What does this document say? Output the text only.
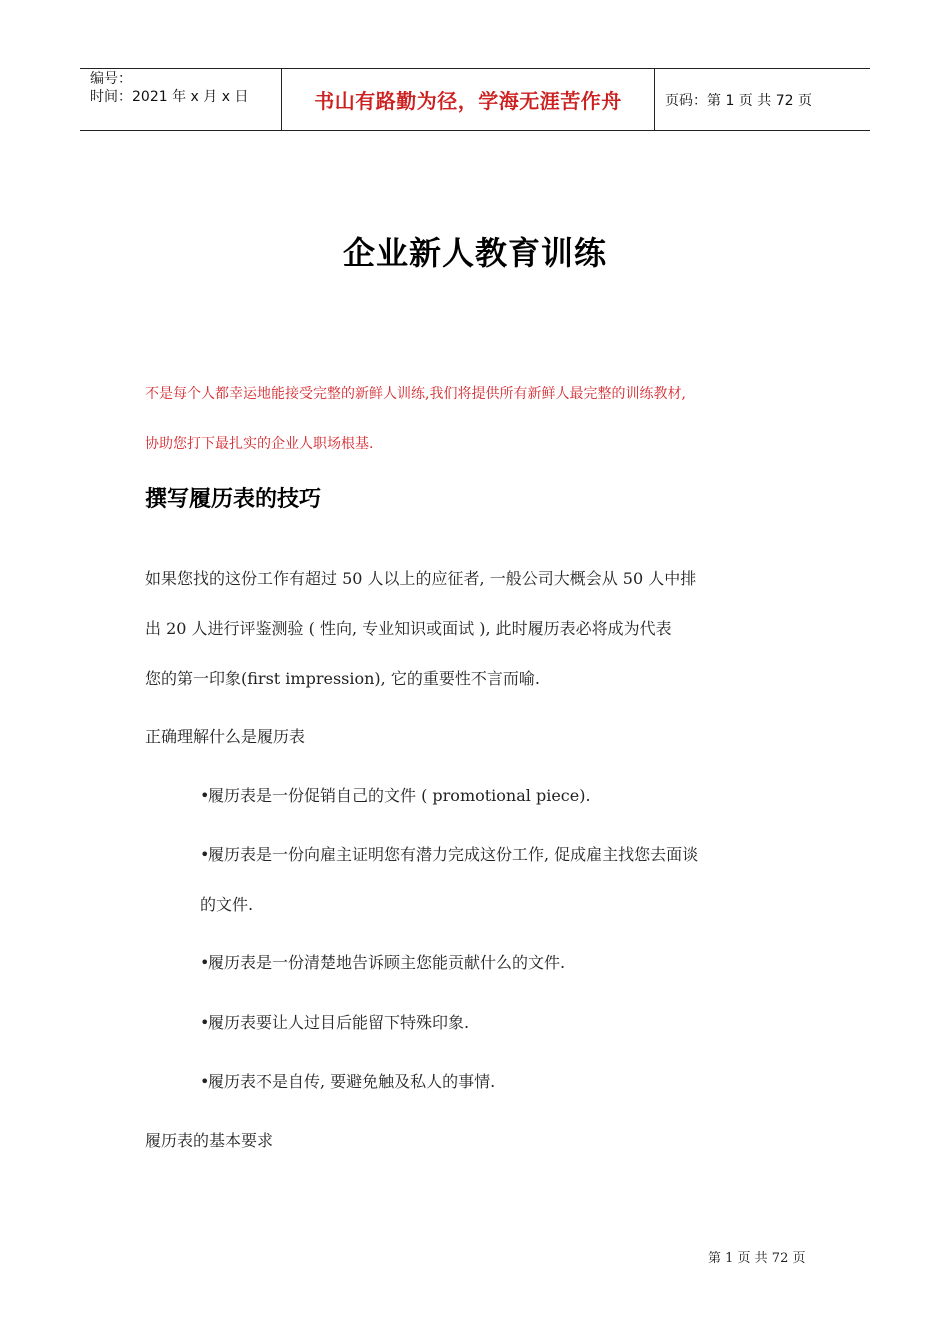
编号：
时间：2021 年 x 月 x 日	书山有路勤为径，学海无涯苦作舟	页码：第 1 页 共 72 页
企业新人教育训练
不是每个人都幸运地能接受完整的新鲜人训练,我们将提供所有新鲜人最完整的训练教材,
协助您打下最扎实的企业人职场根基.
撰写履历表的技巧
如果您找的这份工作有超过 50 人以上的应征者, 一般公司大概会从 50 人中排
出 20 人进行评鉴测验 ( 性向, 专业知识或面试 ), 此时履历表必将成为代表
您的第一印象(first impression), 它的重要性不言而喻.
正确理解什么是履历表
•履历表是一份促销自己的文件 ( promotional piece).
•履历表是一份向雇主证明您有潜力完成这份工作, 促成雇主找您去面谈
的文件.
•履历表是一份清楚地告诉顾主您能贡献什么的文件.
•履历表要让人过目后能留下特殊印象.
•履历表不是自传, 要避免触及私人的事情.
履历表的基本要求
第 1 页 共 72 页
